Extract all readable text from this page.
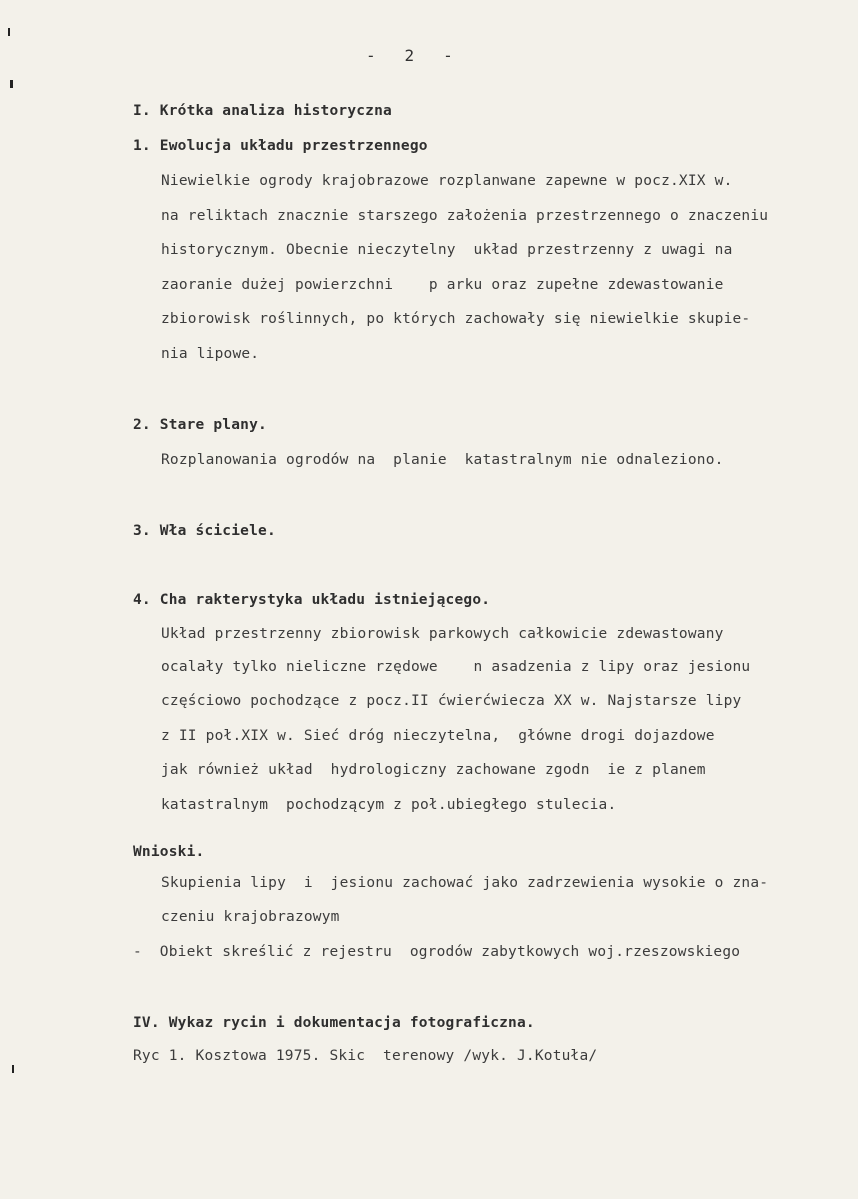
-   2   -
I. Krótka analiza historyczna
1. Ewolucja układu przestrzennego
Niewielkie ogrody krajobrazowe rozplanwane zapewne w pocz.XIX w.
na reliktach znacznie starszego założenia przestrzennego o znaczeniu
historycznym. Obecnie nieczytelny  układ przestrzenny z uwagi na
zaoranie dużej powierzchni    p arku oraz zupełne zdewastowanie
zbiorowisk roślinnych, po których zachowały się niewielkie skupie-
nia lipowe.
2. Stare plany.
Rozplanowania ogrodów na  planie  katastralnym nie odnaleziono.
3. Wła ściciele.
4. Cha rakterystyka układu istniejącego.
Układ przestrzenny zbiorowisk parkowych całkowicie zdewastowany
ocalały tylko nieliczne rzędowe    n asadzenia z lipy oraz jesionu
częściowo pochodzące z pocz.II ćwierćwiecza XX w. Najstarsze lipy
z II poł.XIX w. Sieć dróg nieczytelna,  główne drogi dojazdowe
jak również układ  hydrologiczny zachowane zgodn  ie z planem
katastralnym  pochodzącym z poł.ubiegłego stulecia.
Wnioski.
Skupienia lipy  i  jesionu zachować jako zadrzewienia wysokie o zna-
czeniu krajobrazowym
-  Obiekt skreślić z rejestru  ogrodów zabytkowych woj.rzeszowskiego
IV. Wykaz rycin i dokumentacja fotograficzna.
Ryc 1. Kosztowa 1975. Skic  terenowy /wyk. J.Kotuła/
